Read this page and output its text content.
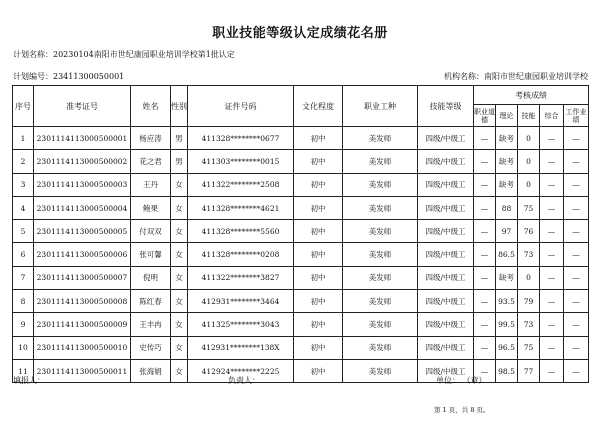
职业技能等级认定成绩花名册
计划名称：20230104南阳市世纪康园职业培训学校第1批认定
计划编号：23411300050001	机构名称：南阳市世纪康园职业培训学校
序号	准考证号	姓名	性别	证件号码	文化程度	职业工种	技能等级	考核成绩				
								职业道德	理论	技能	综合	工作业绩
1	2301114113000500001	杨应涛	男	411328********0677	初中	美发师	四级/中级工	—	缺考	0	—	—
2	2301114113000500002	花之君	男	411303********0015	初中	美发师	四级/中级工	—	缺考	0	—	—
3	2301114113000500003	王丹	女	411322********2508	初中	美发师	四级/中级工	—	缺考	0	—	—
4	2301114113000500004	鲍果	女	411328********4621	初中	美发师	四级/中级工	—	88	75	—	—
5	2301114113000500005	付双双	女	411328********5560	初中	美发师	四级/中级工	—	97	76	—	—
6	2301114113000500006	张可馨	女	411328********0208	初中	美发师	四级/中级工	—	86.5	73	—	—
7	2301114113000500007	倪明	女	411322********3827	初中	美发师	四级/中级工	—	缺考	0	—	—
8	2301114113000500008	陈红春	女	412931********3464	初中	美发师	四级/中级工	—	93.5	79	—	—
9	2301114113000500009	王丰冉	女	411325********3043	初中	美发师	四级/中级工	—	99.5	73	—	—
10	2301114113000500010	史传巧	女	412931********138X	初中	美发师	四级/中级工	—	96.5	75	—	—
11	2301114113000500011	张海娟	女	412924********2225	初中	美发师	四级/中级工	—	98.5	77	—	—
填报人：	负责人：	单位： （章）
第 1 页，共 8 页。
